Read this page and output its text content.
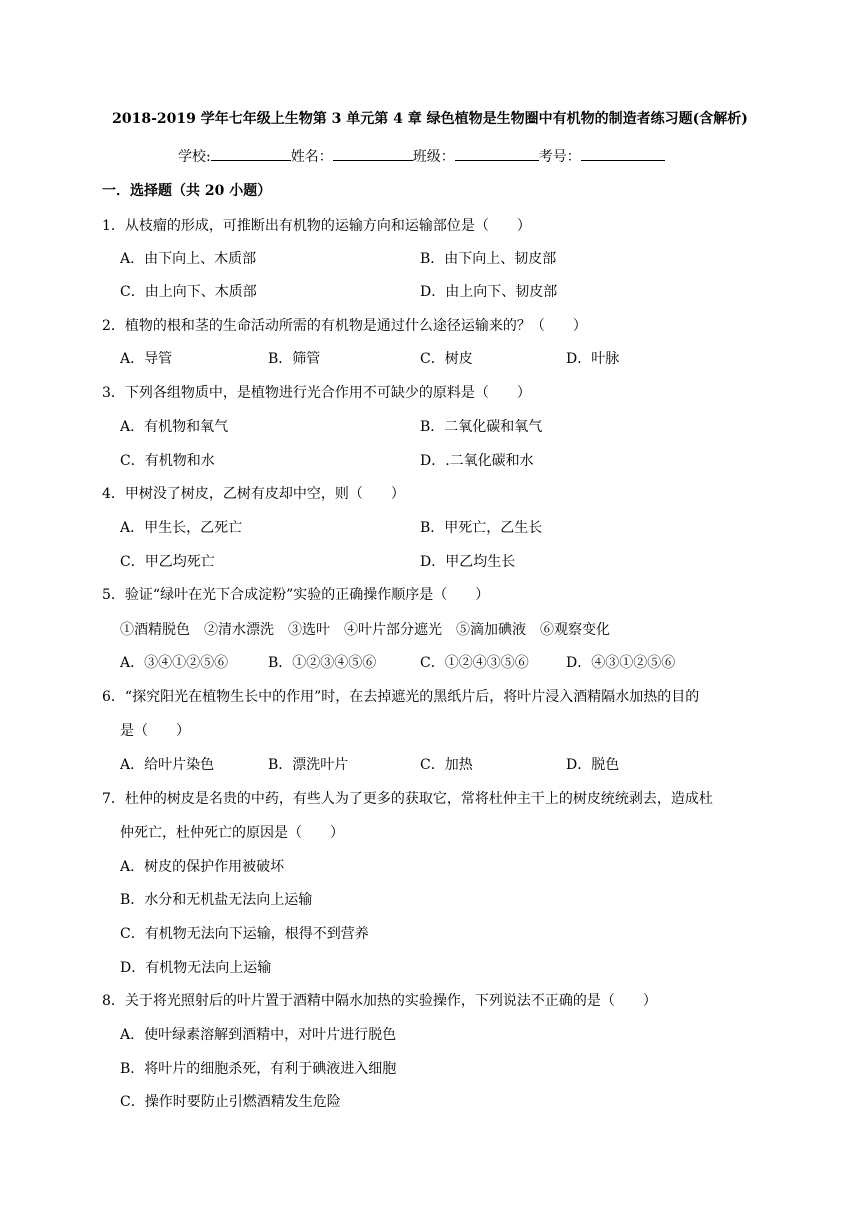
2018-2019 学年七年级上生物第 3 单元第 4 章 绿色植物是生物圈中有机物的制造者练习题(含解析)
学校:	姓名：	班级：	考号：
一．选择题（共 20 小题）
1．从枝瘤的形成，可推断出有机物的运输方向和运输部位是（　　）
A．由下向上、木质部	B．由下向上、韧皮部
C．由上向下、木质部	D．由上向下、韧皮部
2．植物的根和茎的生命活动所需的有机物是通过什么途径运输来的？（　　）
A．导管	B．筛管	C．树皮	D．叶脉
3．下列各组物质中，是植物进行光合作用不可缺少的原料是（　　）
A．有机物和氧气	B．二氧化碳和氧气
C．有机物和水	D．.二氧化碳和水
4．甲树没了树皮，乙树有皮却中空，则（　　）
A．甲生长，乙死亡	B．甲死亡，乙生长
C．甲乙均死亡	D．甲乙均生长
5．验证“绿叶在光下合成淀粉”实验的正确操作顺序是（　　）
①酒精脱色　②清水漂洗　③选叶　④叶片部分遮光　⑤滴加碘液　⑥观察变化
A．③④①②⑤⑥	B．①②③④⑤⑥	C．①②④③⑤⑥	D．④③①②⑤⑥
6．“探究阳光在植物生长中的作用”时，在去掉遮光的黑纸片后，将叶片浸入酒精隔水加热的目的
是（　　）
A．给叶片染色	B．漂洗叶片	C．加热	D．脱色
7．杜仲的树皮是名贵的中药，有些人为了更多的获取它，常将杜仲主干上的树皮统统剥去，造成杜
仲死亡，杜仲死亡的原因是（　　）
A．树皮的保护作用被破坏
B．水分和无机盐无法向上运输
C．有机物无法向下运输，根得不到营养
D．有机物无法向上运输
8．关于将光照射后的叶片置于酒精中隔水加热的实验操作，下列说法不正确的是（　　）
A．使叶绿素溶解到酒精中，对叶片进行脱色
B．将叶片的细胞杀死，有利于碘液进入细胞
C．操作时要防止引燃酒精发生危险
